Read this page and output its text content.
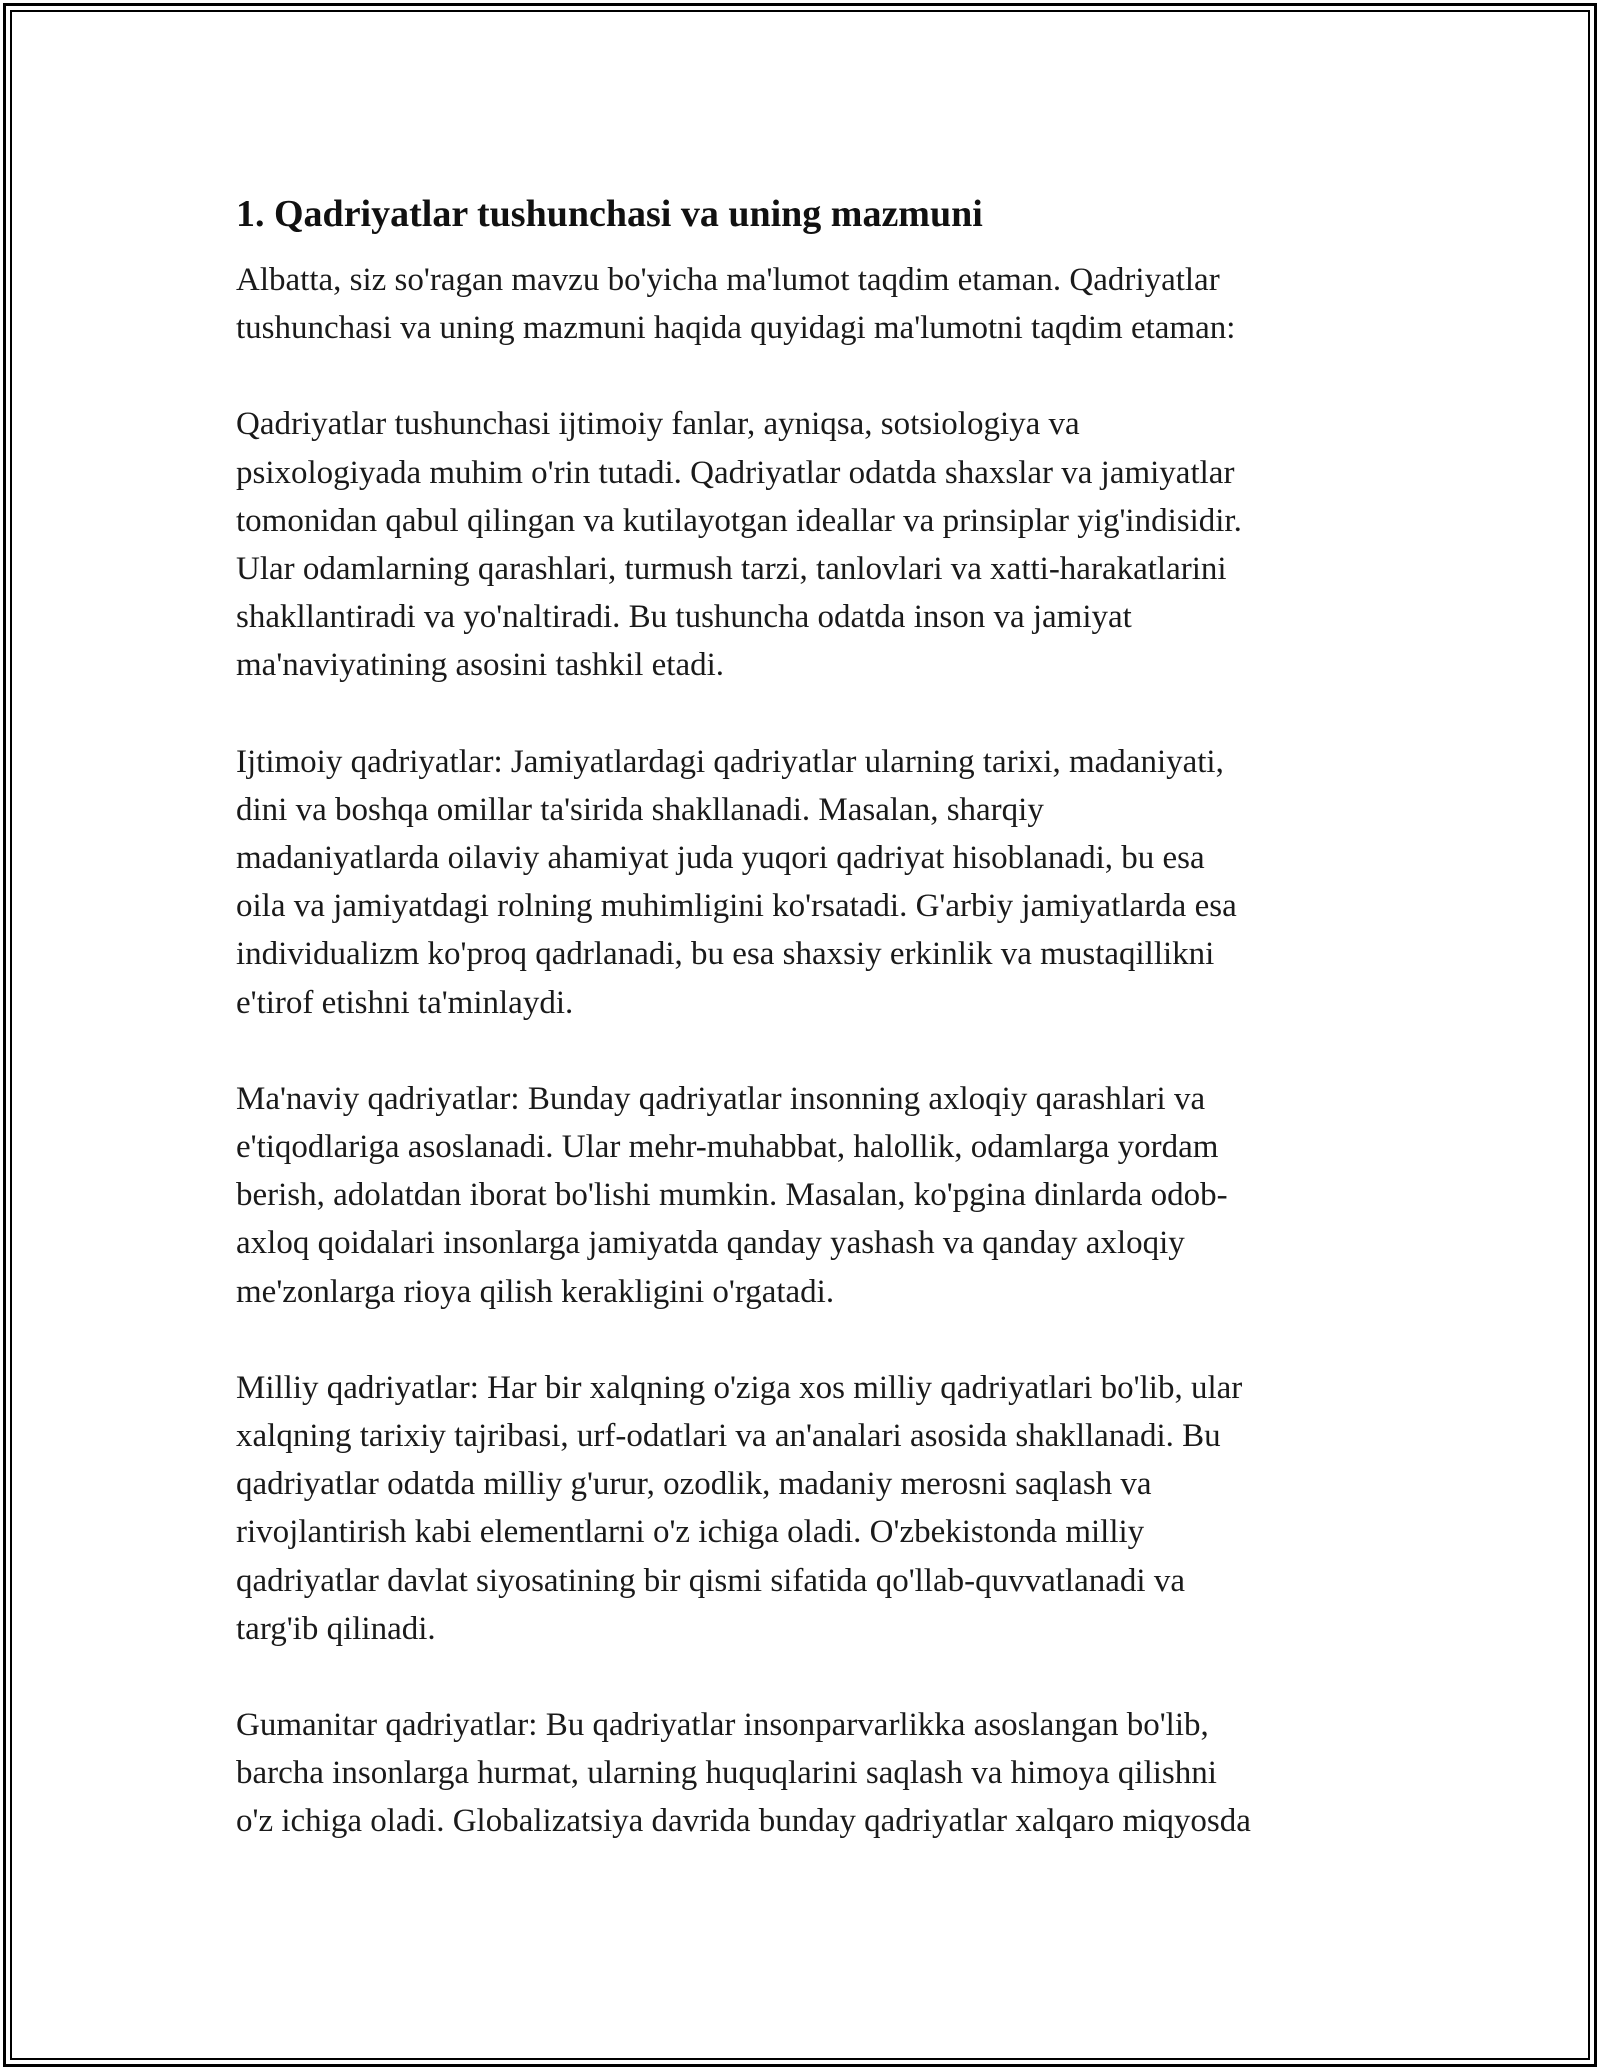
1. Qadriyatlar tushunchasi va uning mazmuni
Albatta, siz so'ragan mavzu bo'yicha ma'lumot taqdim etaman. Qadriyatlar
tushunchasi va uning mazmuni haqida quyidagi ma'lumotni taqdim etaman:
Qadriyatlar tushunchasi ijtimoiy fanlar, ayniqsa, sotsiologiya va
psixologiyada muhim o'rin tutadi. Qadriyatlar odatda shaxslar va jamiyatlar
tomonidan qabul qilingan va kutilayotgan ideallar va prinsiplar yig'indisidir.
Ular odamlarning qarashlari, turmush tarzi, tanlovlari va xatti-harakatlarini
shakllantiradi va yo'naltiradi. Bu tushuncha odatda inson va jamiyat
ma'naviyatining asosini tashkil etadi.
Ijtimoiy qadriyatlar: Jamiyatlardagi qadriyatlar ularning tarixi, madaniyati,
dini va boshqa omillar ta'sirida shakllanadi. Masalan, sharqiy
madaniyatlarda oilaviy ahamiyat juda yuqori qadriyat hisoblanadi, bu esa
oila va jamiyatdagi rolning muhimligini ko'rsatadi. G'arbiy jamiyatlarda esa
individualizm ko'proq qadrlanadi, bu esa shaxsiy erkinlik va mustaqillikni
e'tirof etishni ta'minlaydi.
Ma'naviy qadriyatlar: Bunday qadriyatlar insonning axloqiy qarashlari va
e'tiqodlariga asoslanadi. Ular mehr-muhabbat, halollik, odamlarga yordam
berish, adolatdan iborat bo'lishi mumkin. Masalan, ko'pgina dinlarda odob-
axloq qoidalari insonlarga jamiyatda qanday yashash va qanday axloqiy
me'zonlarga rioya qilish kerakligini o'rgatadi.
Milliy qadriyatlar: Har bir xalqning o'ziga xos milliy qadriyatlari bo'lib, ular
xalqning tarixiy tajribasi, urf-odatlari va an'analari asosida shakllanadi. Bu
qadriyatlar odatda milliy g'urur, ozodlik, madaniy merosni saqlash va
rivojlantirish kabi elementlarni o'z ichiga oladi. O'zbekistonda milliy
qadriyatlar davlat siyosatining bir qismi sifatida qo'llab-quvvatlanadi va
targ'ib qilinadi.
Gumanitar qadriyatlar: Bu qadriyatlar insonparvarlikka asoslangan bo'lib,
barcha insonlarga hurmat, ularning huquqlarini saqlash va himoya qilishni
o'z ichiga oladi. Globalizatsiya davrida bunday qadriyatlar xalqaro miqyosda
